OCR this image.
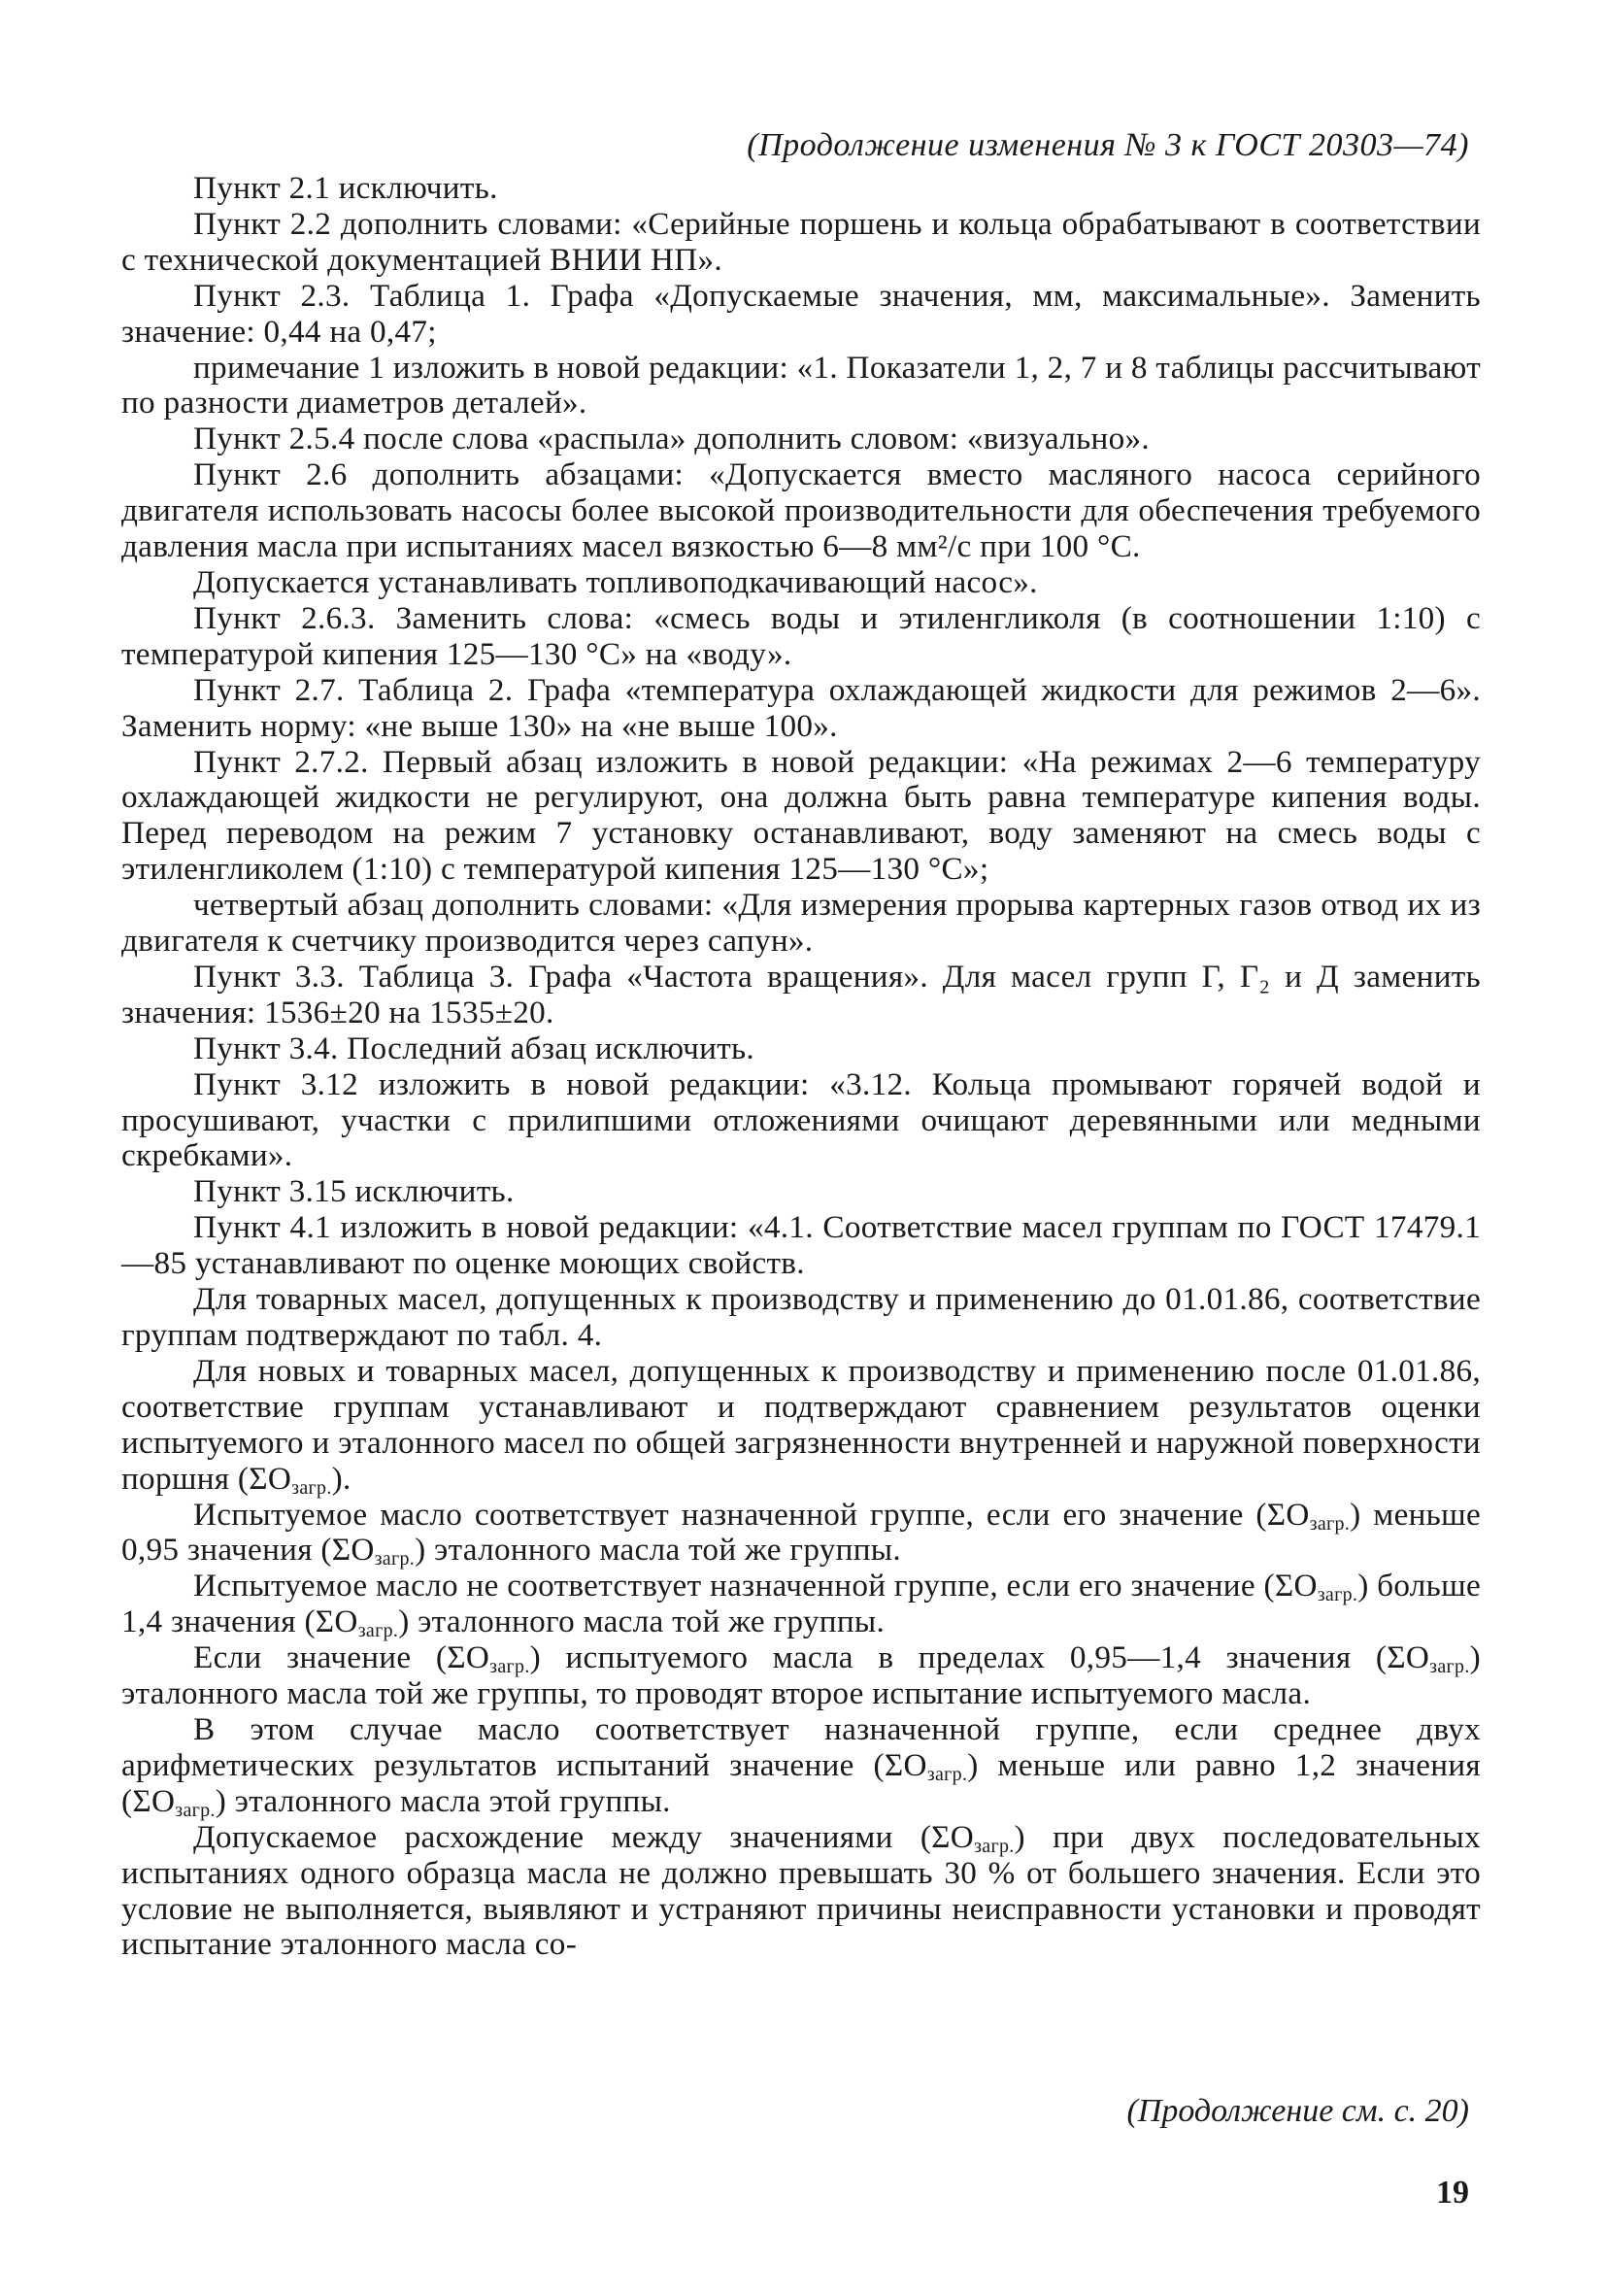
(Продолжение изменения № 3 к ГОСТ 20303—74)

Пункт 2.1 исключить.

Пункт 2.2 дополнить словами: «Серийные поршень и кольца обрабатывают в соответствии с технической документацией ВНИИ НП».

Пункт 2.3. Таблица 1. Графа «Допускаемые значения, мм, максимальные». Заменить значение: 0,44 на 0,47;

примечание 1 изложить в новой редакции: «1. Показатели 1, 2, 7 и 8 таблицы рассчитывают по разности диаметров деталей».

Пункт 2.5.4 после слова «распыла» дополнить словом: «визуально».

Пункт 2.6 дополнить абзацами: «Допускается вместо масляного насоса серийного двигателя использовать насосы более высокой производительности для обеспечения требуемого давления масла при испытаниях масел вязкостью 6—8 мм²/с при 100 °С.

Допускается устанавливать топливоподкачивающий насос».

Пункт 2.6.3. Заменить слова: «смесь воды и этиленгликоля (в соотношении 1:10) с температурой кипения 125—130 °С» на «воду».

Пункт 2.7. Таблица 2. Графа «температура охлаждающей жидкости для режимов 2—6». Заменить норму: «не выше 130» на «не выше 100».

Пункт 2.7.2. Первый абзац изложить в новой редакции: «На режимах 2—6 температуру охлаждающей жидкости не регулируют, она должна быть равна температуре кипения воды. Перед переводом на режим 7 установку останавливают, воду заменяют на смесь воды с этиленгликолем (1:10) с температурой кипения 125—130 °С»;

четвертый абзац дополнить словами: «Для измерения прорыва картерных газов отвод их из двигателя к счетчику производится через сапун».

Пункт 3.3. Таблица 3. Графа «Частота вращения». Для масел групп Г, Г₂ и Д заменить значения: 1536±20 на 1535±20.

Пункт 3.4. Последний абзац исключить.

Пункт 3.12 изложить в новой редакции: «3.12. Кольца промывают горячей водой и просушивают, участки с прилипшими отложениями очищают деревянными или медными скребками».

Пункт 3.15 исключить.

Пункт 4.1 изложить в новой редакции: «4.1. Соответствие масел группам по ГОСТ 17479.1—85 устанавливают по оценке моющих свойств.

Для товарных масел, допущенных к производству и применению до 01.01.86, соответствие группам подтверждают по табл. 4.

Для новых и товарных масел, допущенных к производству и применению после 01.01.86, соответствие группам устанавливают и подтверждают сравнением результатов оценки испытуемого и эталонного масел по общей загрязненности внутренней и наружной поверхности поршня $(\Sigma O_{загр.})$.

Испытуемое масло соответствует назначенной группе, если его значение $(\Sigma O_{загр.})$ меньше 0,95 значения $(\Sigma O_{загр.})$ эталонного масла той же группы.

Испытуемое масло не соответствует назначенной группе, если его значение $(\Sigma O_{загр.})$ больше 1,4 значения $(\Sigma O_{загр.})$ эталонного масла той же группы.

Если значение $(\Sigma O_{загр.})$ испытуемого масла в пределах 0,95—1,4 значения $(\Sigma O_{загр.})$ эталонного масла той же группы, то проводят второе испытание испытуемого масла.

В этом случае масло соответствует назначенной группе, если среднее двух арифметических результатов испытаний значение $(\Sigma O_{загр.})$ меньше или равно 1,2 значения $(\Sigma O_{загр.})$ эталонного масла этой группы.

Допускаемое расхождение между значениями $(\Sigma O_{загр.})$ при двух последовательных испытаниях одного образца масла не должно превышать 30 % от большего значения. Если это условие не выполняется, выявляют и устраняют причины неисправности установки и проводят испытание эталонного масла со-

(Продолжение см. с. 20)
19
